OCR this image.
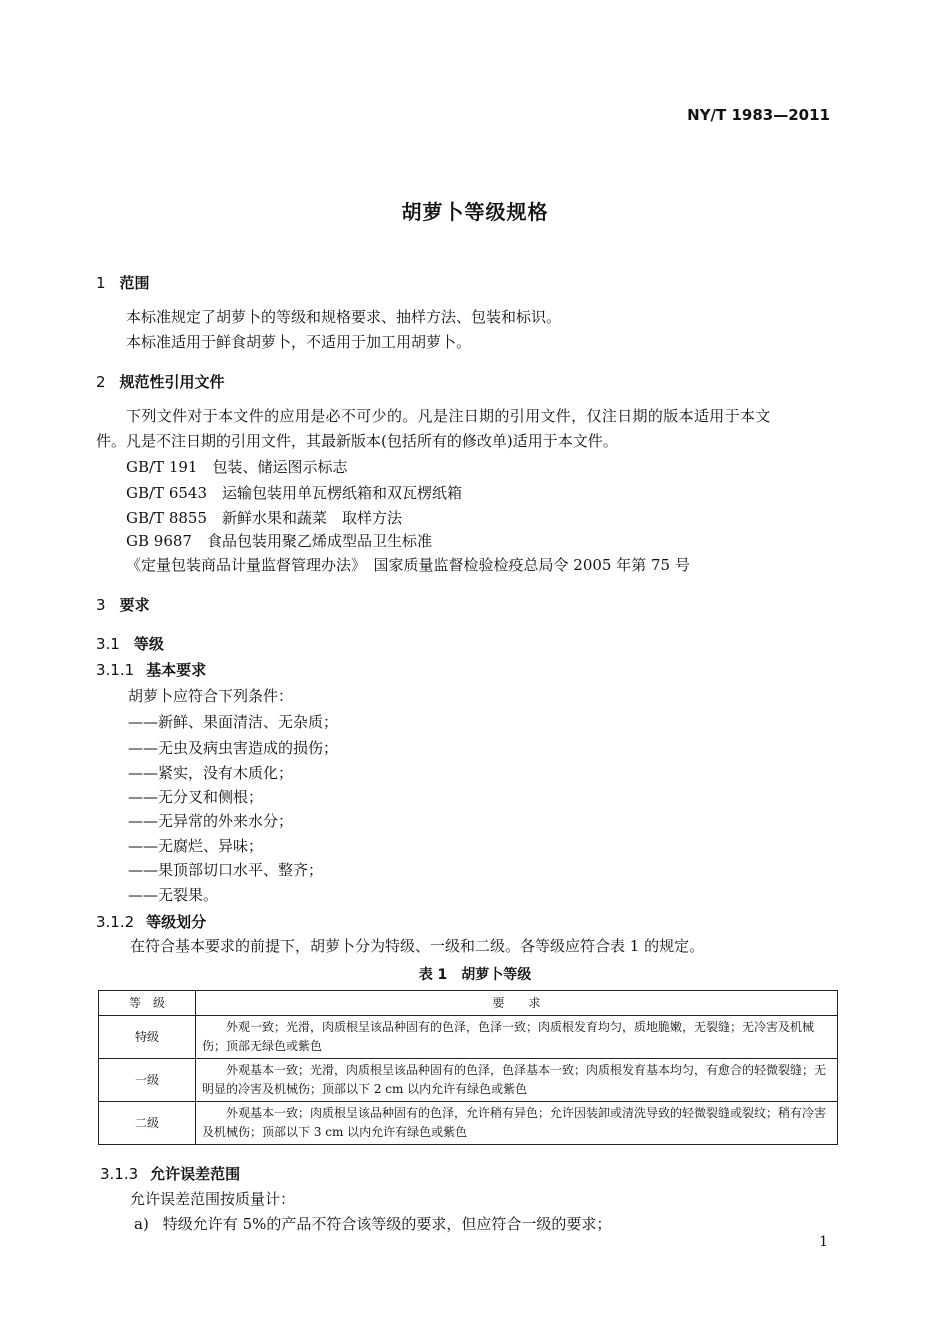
NY/T 1983—2011
胡萝卜等级规格
1 范围
本标准规定了胡萝卜的等级和规格要求、抽样方法、包装和标识。
本标准适用于鲜食胡萝卜，不适用于加工用胡萝卜。
2 规范性引用文件
下列文件对于本文件的应用是必不可少的。凡是注日期的引用文件，仅注日期的版本适用于本文
件。凡是不注日期的引用文件，其最新版本(包括所有的修改单)适用于本文件。
GB/T 191　包装、储运图示标志
GB/T 6543　运输包装用单瓦楞纸箱和双瓦楞纸箱
GB/T 8855　新鲜水果和蔬菜　取样方法
GB 9687　食品包装用聚乙烯成型品卫生标准
《定量包装商品计量监督管理办法》　国家质量监督检验检疫总局令 2005 年第 75 号
3 要求
3.1 等级
3.1.1 基本要求
胡萝卜应符合下列条件：
——新鲜、果面清洁、无杂质；
——无虫及病虫害造成的损伤；
——紧实，没有木质化；
——无分叉和侧根；
——无异常的外来水分；
——无腐烂、异味；
——果顶部切口水平、整齐；
——无裂果。
3.1.2 等级划分
在符合基本要求的前提下，胡萝卜分为特级、一级和二级。各等级应符合表 1 的规定。
表 1　胡萝卜等级
等　级	要　　求
特级	外观一致；光滑，肉质根呈该品种固有的色泽，色泽一致；肉质根发育均匀，质地脆嫩，无裂缝；无冷害及机械伤；顶部无绿色或紫色
一级	外观基本一致；光滑，肉质根呈该品种固有的色泽，色泽基本一致；肉质根发育基本均匀，有愈合的轻微裂缝；无明显的冷害及机械伤；顶部以下 2 cm 以内允许有绿色或紫色
二级	外观基本一致；肉质根呈该品种固有的色泽，允许稍有异色；允许因装卸或清洗导致的轻微裂缝或裂纹；稍有冷害及机械伤；顶部以下 3 cm 以内允许有绿色或紫色
3.1.3 允许误差范围
允许误差范围按质量计：
a) 特级允许有 5%的产品不符合该等级的要求，但应符合一级的要求；
1
